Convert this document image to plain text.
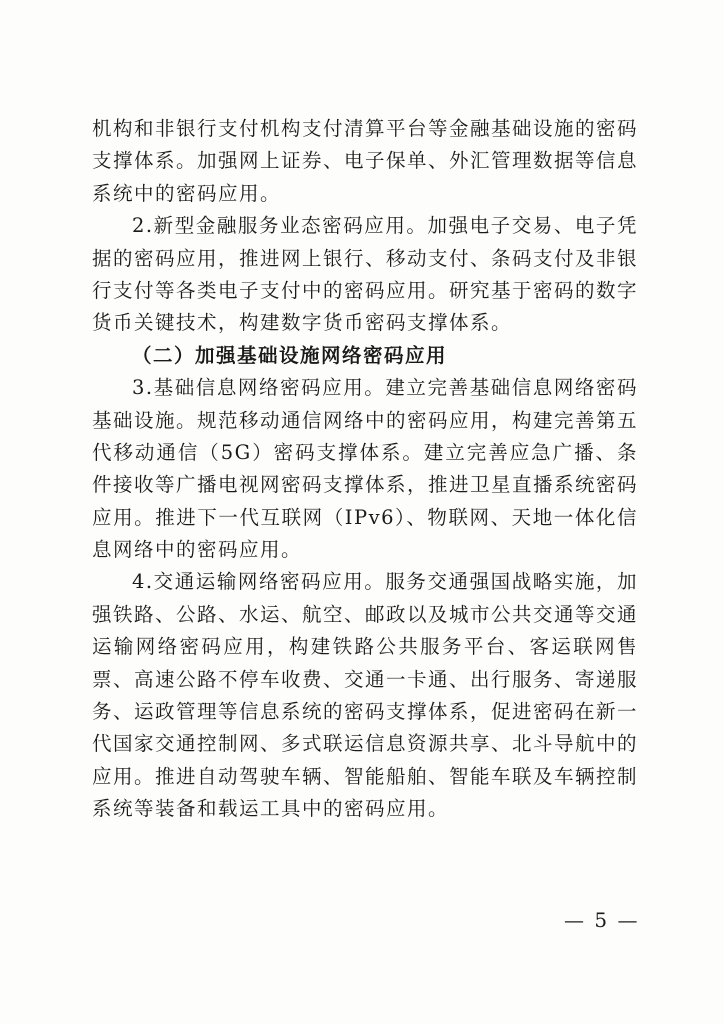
机构和非银行支付机构支付清算平台等金融基础设施的密码
支撑体系。加强网上证券、电子保单、外汇管理数据等信息
系统中的密码应用。
2.新型金融服务业态密码应用。加强电子交易、电子凭
据的密码应用，推进网上银行、移动支付、条码支付及非银
行支付等各类电子支付中的密码应用。研究基于密码的数字
货币关键技术，构建数字货币密码支撑体系。
（二）加强基础设施网络密码应用
3.基础信息网络密码应用。建立完善基础信息网络密码
基础设施。规范移动通信网络中的密码应用，构建完善第五
代移动通信（5G）密码支撑体系。建立完善应急广播、条
件接收等广播电视网密码支撑体系，推进卫星直播系统密码
应用。推进下一代互联网（IPv6）、物联网、天地一体化信
息网络中的密码应用。
4.交通运输网络密码应用。服务交通强国战略实施，加
强铁路、公路、水运、航空、邮政以及城市公共交通等交通
运输网络密码应用，构建铁路公共服务平台、客运联网售
票、高速公路不停车收费、交通一卡通、出行服务、寄递服
务、运政管理等信息系统的密码支撑体系，促进密码在新一
代国家交通控制网、多式联运信息资源共享、北斗导航中的
应用。推进自动驾驶车辆、智能船舶、智能车联及车辆控制
系统等装备和载运工具中的密码应用。
— 5 —
